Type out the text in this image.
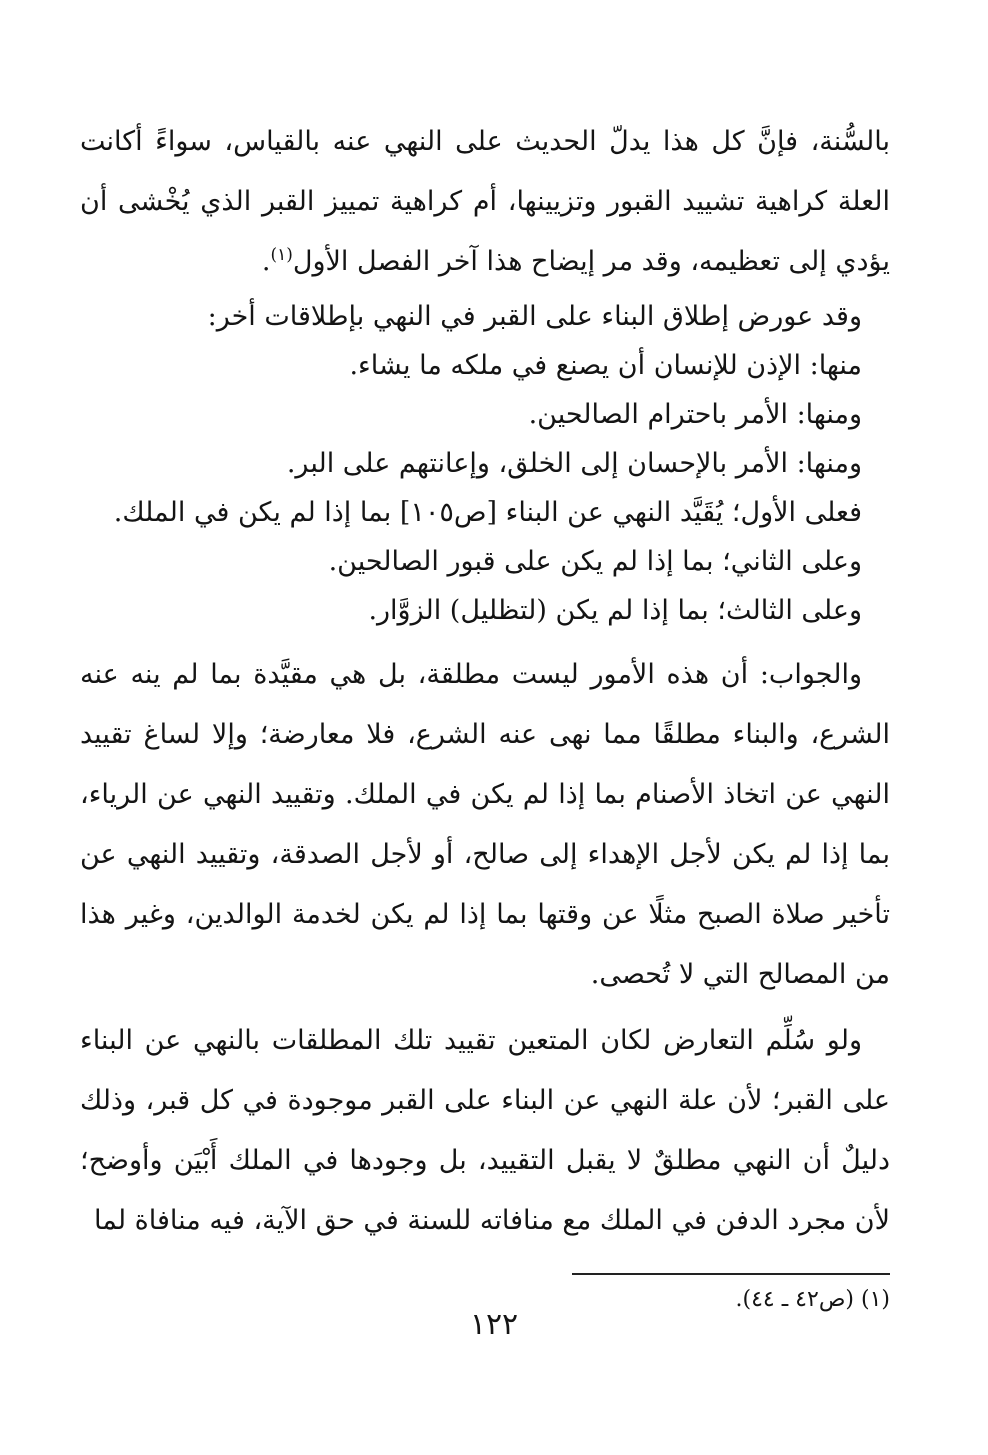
بالسُّنة، فإنَّ كل هذا يدلّ الحديث على النهي عنه بالقياس، سواءً أكانت العلة كراهية تشييد القبور وتزيينها، أم كراهية تمييز القبر الذي يُخْشى أن يؤدي إلى تعظيمه، وقد مر إيضاح هذا آخر الفصل الأول$^{(١)}$.

وقد عورض إطلاق البناء على القبر في النهي بإطلاقات أخر:
منها: الإذن للإنسان أن يصنع في ملكه ما يشاء.
ومنها: الأمر باحترام الصالحين.
ومنها: الأمر بالإحسان إلى الخلق، وإعانتهم على البر.
فعلى الأول؛ يُقَيَّد النهي عن البناء [ص١٠٥] بما إذا لم يكن في الملك.
وعلى الثاني؛ بما إذا لم يكن على قبور الصالحين.
وعلى الثالث؛ بما إذا لم يكن (لتظليل) الزوَّار.

والجواب: أن هذه الأمور ليست مطلقة، بل هي مقيَّدة بما لم ينه عنه الشرع، والبناء مطلقًا مما نهى عنه الشرع، فلا معارضة؛ وإلا لساغ تقييد النهي عن اتخاذ الأصنام بما إذا لم يكن في الملك. وتقييد النهي عن الرياء، بما إذا لم يكن لأجل الإهداء إلى صالح، أو لأجل الصدقة، وتقييد النهي عن تأخير صلاة الصبح مثلًا عن وقتها بما إذا لم يكن لخدمة الوالدين، وغير هذا من المصالح التي لا تُحصى.

ولو سُلِّم التعارض لكان المتعين تقييد تلك المطلقات بالنهي عن البناء على القبر؛ لأن علة النهي عن البناء على القبر موجودة في كل قبر، وذلك دليلٌ أن النهي مطلقٌ لا يقبل التقييد، بل وجودها في الملك أَبْيَن وأوضح؛ لأن مجرد الدفن في الملك مع منافاته للسنة في حق الآية، فيه منافاة لما

(١) (ص٤٢ ـ ٤٤).
١٢٢
